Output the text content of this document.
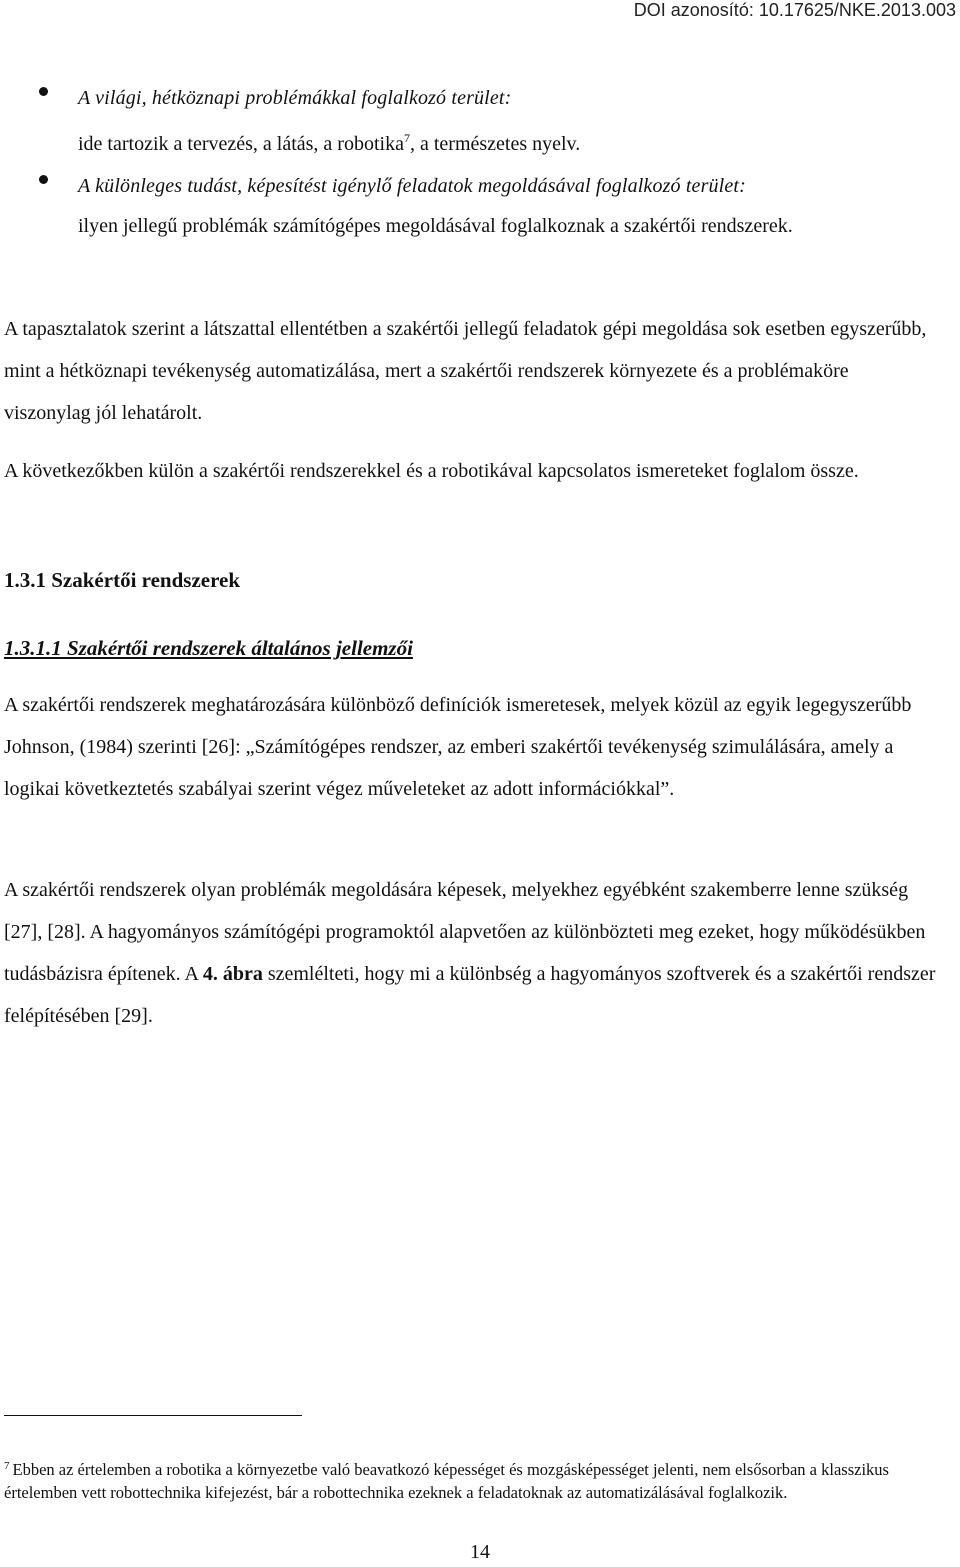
DOI azonosító: 10.17625/NKE.2013.003
A világi, hétköznapi problémákkal foglalkozó terület:
ide tartozik a tervezés, a látás, a robotika$^7$, a természetes nyelv.
A különleges tudást, képesítést igénylő feladatok megoldásával foglalkozó terület:
ilyen jellegű problémák számítógépes megoldásával foglalkoznak a szakértői rendszerek.
A tapasztalatok szerint a látszattal ellentétben a szakértői jellegű feladatok gépi megoldása sok esetben egyszerűbb, mint a hétköznapi tevékenység automatizálása, mert a szakértői rendszerek környezete és a problémaköre viszonylag jól lehatárolt.
A következőkben külön a szakértői rendszerekkel és a robotikával kapcsolatos ismereteket foglalom össze.
1.3.1 Szakértői rendszerek
1.3.1.1 Szakértői rendszerek általános jellemzői
A szakértői rendszerek meghatározására különböző definíciók ismeretesek, melyek közül az egyik legegyszerűbb Johnson, (1984) szerinti [26]: „Számítógépes rendszer, az emberi szakértői tevékenység szimulálására, amely a logikai következtetés szabályai szerint végez műveleteket az adott információkkal”.
A szakértői rendszerek olyan problémák megoldására képesek, melyekhez egyébként szakemberre lenne szükség [27], [28]. A hagyományos számítógépi programoktól alapvetően az különbözteti meg ezeket, hogy működésükben tudásbázisra építenek. A 4. ábra szemlélteti, hogy mi a különbség a hagyományos szoftverek és a szakértői rendszer felépítésében [29].
$^7$ Ebben az értelemben a robotika a környezetbe való beavatkozó képességet és mozgásképességet jelenti, nem elsősorban a klasszikus értelemben vett robottechnika kifejezést, bár a robottechnika ezeknek a feladatoknak az automatizálásával foglalkozik.
14
